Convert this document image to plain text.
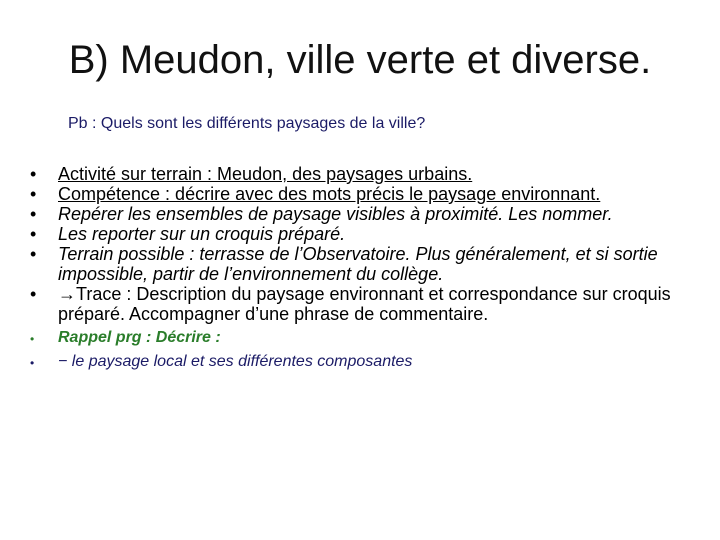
B) Meudon, ville verte et diverse.
Pb : Quels sont les différents paysages de la ville?
•	Activité sur terrain : Meudon, des paysages urbains.
•	Compétence : décrire avec des mots précis le paysage environnant.
•	Repérer les ensembles de paysage visibles à proximité. Les nommer.
•	Les reporter sur un croquis préparé.
•	Terrain possible : terrasse de l’Observatoire. Plus généralement, et si sortie impossible, partir de l’environnement du collège.
•	→Trace : Description du paysage environnant et correspondance sur croquis préparé. Accompagner d’une phrase de commentaire.
•	Rappel prg : Décrire :
•	− le paysage local et ses différentes composantes
